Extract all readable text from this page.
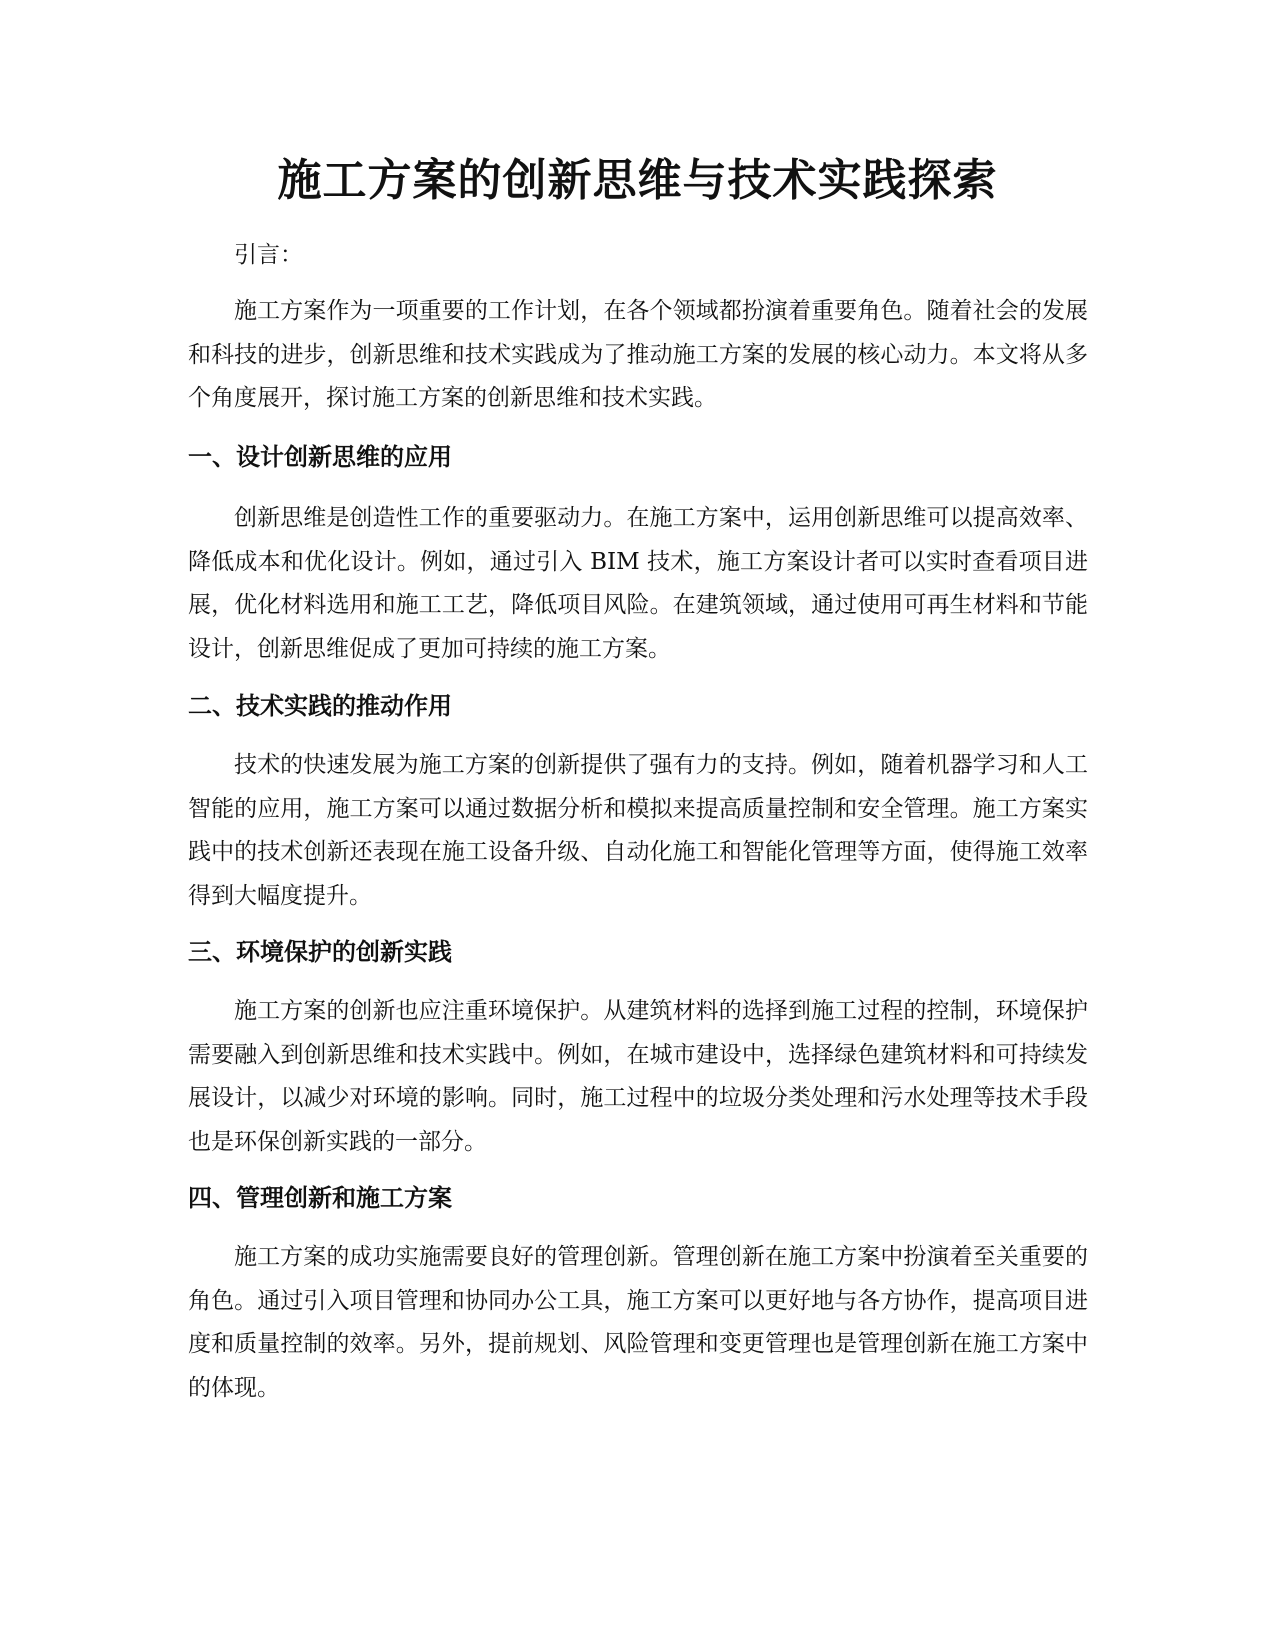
施工方案的创新思维与技术实践探索

引言：

施工方案作为一项重要的工作计划，在各个领域都扮演着重要角色。随着社会的发展和科技的进步，创新思维和技术实践成为了推动施工方案的发展的核心动力。本文将从多个角度展开，探讨施工方案的创新思维和技术实践。

一、设计创新思维的应用

创新思维是创造性工作的重要驱动力。在施工方案中，运用创新思维可以提高效率、降低成本和优化设计。例如，通过引入 BIM 技术，施工方案设计者可以实时查看项目进展，优化材料选用和施工工艺，降低项目风险。在建筑领域，通过使用可再生材料和节能设计，创新思维促成了更加可持续的施工方案。

二、技术实践的推动作用

技术的快速发展为施工方案的创新提供了强有力的支持。例如，随着机器学习和人工智能的应用，施工方案可以通过数据分析和模拟来提高质量控制和安全管理。施工方案实践中的技术创新还表现在施工设备升级、自动化施工和智能化管理等方面，使得施工效率得到大幅度提升。

三、环境保护的创新实践

施工方案的创新也应注重环境保护。从建筑材料的选择到施工过程的控制，环境保护需要融入到创新思维和技术实践中。例如，在城市建设中，选择绿色建筑材料和可持续发展设计，以减少对环境的影响。同时，施工过程中的垃圾分类处理和污水处理等技术手段也是环保创新实践的一部分。

四、管理创新和施工方案

施工方案的成功实施需要良好的管理创新。管理创新在施工方案中扮演着至关重要的角色。通过引入项目管理和协同办公工具，施工方案可以更好地与各方协作，提高项目进度和质量控制的效率。另外，提前规划、风险管理和变更管理也是管理创新在施工方案中的体现。
